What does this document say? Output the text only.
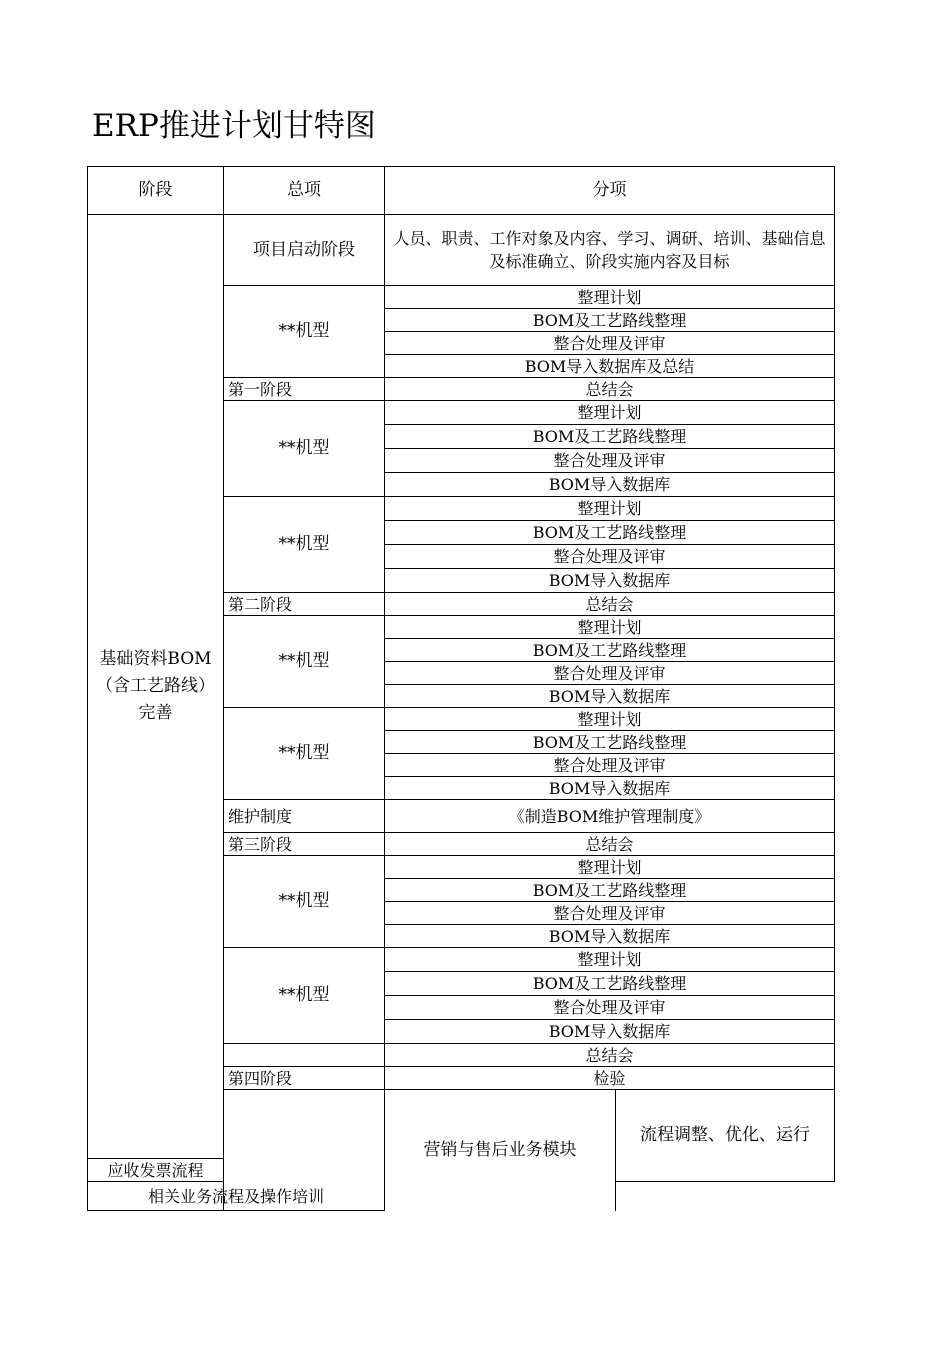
ERP推进计划甘特图
阶段	总项	分项		
基础资料BOM（含工艺路线）完善	项目启动阶段	人员、职责、工作对象及内容、学习、调研、培训、基础信息及标准确立、阶段实施内容及目标		
	**机型	整理计划		
		BOM及工艺路线整理		
		整合处理及评审		
		BOM导入数据库及总结		
	第一阶段	总结会		
	**机型	整理计划		
		BOM及工艺路线整理		
		整合处理及评审		
		BOM导入数据库		
	**机型	整理计划		
		BOM及工艺路线整理		
		整合处理及评审		
		BOM导入数据库		
	第二阶段	总结会		
	**机型	整理计划		
		BOM及工艺路线整理		
		整合处理及评审		
		BOM导入数据库		
	**机型	整理计划		
		BOM及工艺路线整理		
		整合处理及评审		
		BOM导入数据库		
	维护制度	《制造BOM维护管理制度》		
	第三阶段	总结会		
	**机型	整理计划		
		BOM及工艺路线整理		
		整合处理及评审		
		BOM导入数据库		
	**机型	整理计划		
		BOM及工艺路线整理		
		整合处理及评审		
		BOM导入数据库		
		总结会		
	第四阶段	检验		
		营销与售后业务模块	流程调整、优化、运行	

应收发票流程				
相关业务流程及操作培训				
